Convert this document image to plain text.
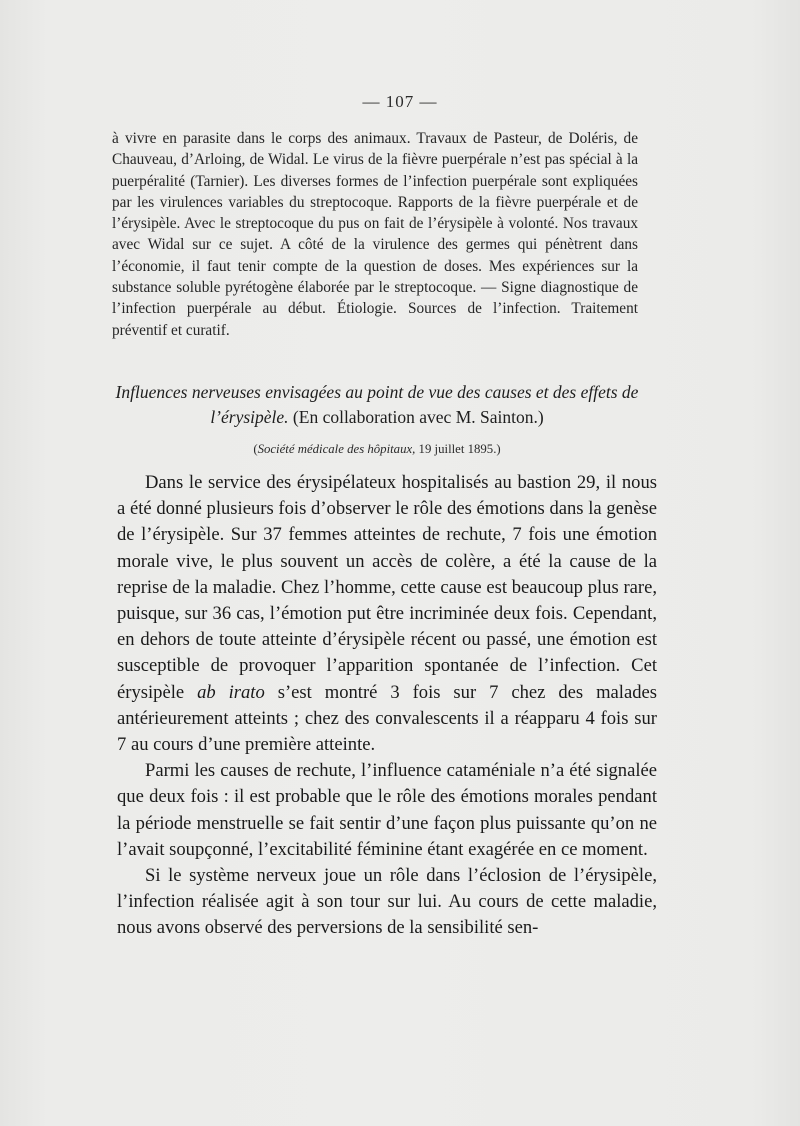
— 107 —

à vivre en parasite dans le corps des animaux. Travaux de Pasteur, de Doléris, de Chauveau, d’Arloing, de Widal. Le virus de la fièvre puerpérale n’est pas spécial à la puerpéralité (Tarnier). Les diverses formes de l’infection puerpérale sont expliquées par les virulences variables du streptocoque. Rapports de la fièvre puerpérale et de l’érysipèle. Avec le streptocoque du pus on fait de l’érysipèle à volonté. Nos travaux avec Widal sur ce sujet. A côté de la virulence des germes qui pénètrent dans l’économie, il faut tenir compte de la question de doses. Mes expériences sur la substance soluble pyrétogène élaborée par le streptocoque. — Signe diagnostique de l’infection puerpérale au début. Étiologie. Sources de l’infection. Traitement préventif et curatif.

Influences nerveuses envisagées au point de vue des causes et des effets de l’érysipèle. (En collaboration avec M. Sainton.)
(Société médicale des hôpitaux, 19 juillet 1895.)

Dans le service des érysipélateux hospitalisés au bastion 29, il nous a été donné plusieurs fois d’observer le rôle des émotions dans la genèse de l’érysipèle. Sur 37 femmes atteintes de rechute, 7 fois une émotion morale vive, le plus souvent un accès de colère, a été la cause de la reprise de la maladie. Chez l’homme, cette cause est beaucoup plus rare, puisque, sur 36 cas, l’émotion put être incriminée deux fois. Cependant, en dehors de toute atteinte d’érysipèle récent ou passé, une émotion est susceptible de provoquer l’apparition spontanée de l’infection. Cet érysipèle ab irato s’est montré 3 fois sur 7 chez des malades antérieurement atteints ; chez des convalescents il a réapparu 4 fois sur 7 au cours d’une première atteinte.

Parmi les causes de rechute, l’influence cataméniale n’a été signalée que deux fois : il est probable que le rôle des émotions morales pendant la période menstruelle se fait sentir d’une façon plus puissante qu’on ne l’avait soupçonné, l’excitabilité féminine étant exagérée en ce moment.

Si le système nerveux joue un rôle dans l’éclosion de l’érysipèle, l’infection réalisée agit à son tour sur lui. Au cours de cette maladie, nous avons observé des perversions de la sensibilité sen-
